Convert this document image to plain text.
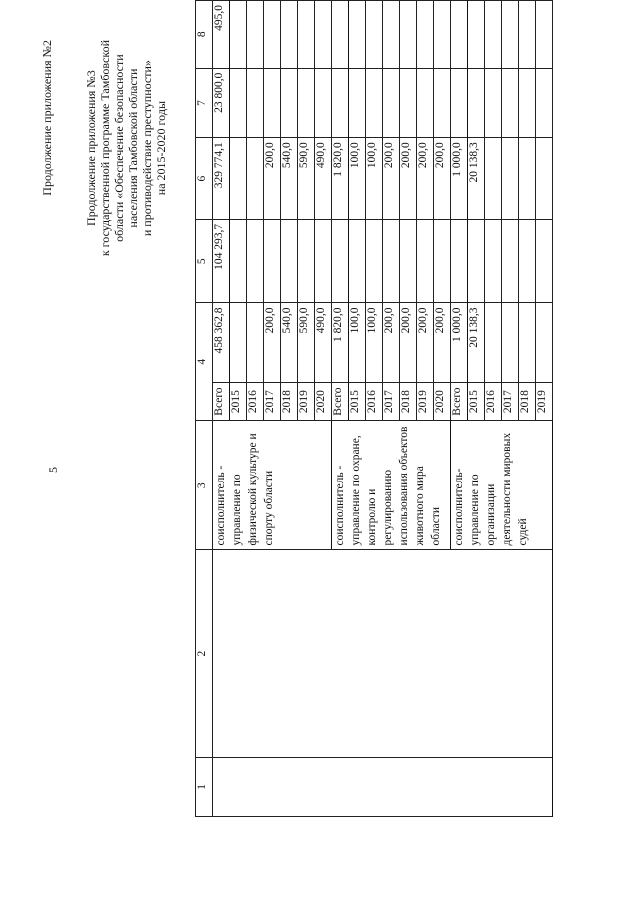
5
Продолжение приложения №2	Продолжение приложения №3 к государственной программе Тамбовской области «Обеспечение безопасности населения Тамбовской области и противодействие преступности» на 2015-2020 годы
1	2	3	4		5	6	7	8
		соисполнитель - управление по физической культуре и спорту области	Всего	458 362,8	104 293,7	329 774,1	23 800,0	495,0
			2015					
			2016					
			2017	200,0		200,0		
			2018	540,0		540,0		
			2019	590,0		590,0		
			2020	490,0		490,0		
		соисполнитель - управление по охране, контролю и регулированию использования объектов животного мира области	Всего	1 820,0		1 820,0		
			2015	100,0		100,0		
			2016	100,0		100,0		
			2017	200,0		200,0		
			2018	200,0		200,0		
			2019	200,0		200,0		
			2020	200,0		200,0		
		соисполнитель- управление по организации деятельности мировых судей	Всего	1 000,0		1 000,0		
			2015	20 138,3		20 138,3		
			2016					
			2017					
			2018					
			2019					
